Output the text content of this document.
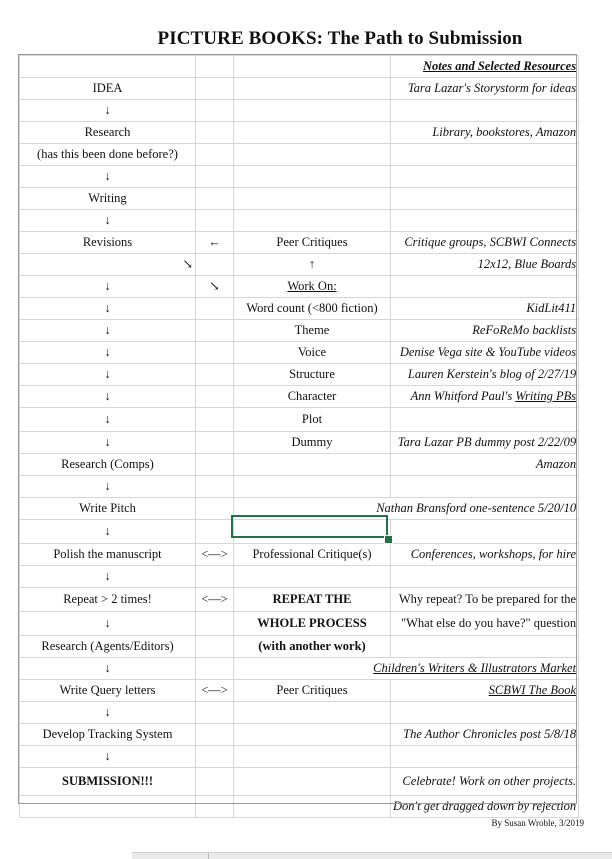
PICTURE BOOKS: The Path to Submission
			Notes and Selected Resources
IDEA			Tara Lazar's Storystorm for ideas
↓			
Research			Library, bookstores, Amazon
(has this been done before?)			
↓			
Writing			
↓			
Revisions	←	Peer Critiques	Critique groups, SCBWI Connects
↘		↑	12x12, Blue Boards
↓	↘	Work On:	
↓		Word count (<800 fiction)	KidLit411
↓		Theme	ReFoReMo backlists
↓		Voice	Denise Vega site & YouTube videos
↓		Structure	Lauren Kerstein's blog of 2/27/19
↓		Character	Ann Whitford Paul's Writing PBs
↓		Plot	
↓		Dummy	Tara Lazar PB dummy post 2/22/09
Research (Comps)			Amazon
↓			
Write Pitch		Nathan Bransford one-sentence 5/20/10	
↓			
Polish the manuscript	<—>	Professional Critique(s)	Conferences, workshops, for hire
↓			
Repeat > 2 times!	<—>	REPEAT THE	Why repeat? To be prepared for the
↓		WHOLE PROCESS	"What else do you have?" question
Research (Agents/Editors)		(with another work)	
↓		Children's Writers & Illustrators Market	
Write Query letters	<—>	Peer Critiques	SCBWI The Book
↓			
Develop Tracking System			The Author Chronicles post 5/8/18
↓			
SUBMISSION!!!			Celebrate! Work on other projects.
			Don't get dragged down by rejection
By Susan Wroble, 3/2019
